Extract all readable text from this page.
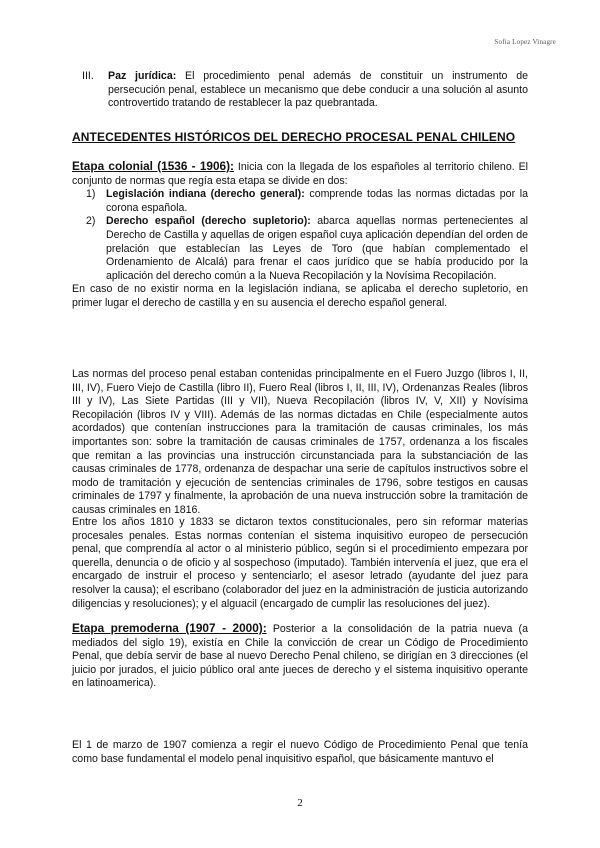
Sofia Lopez Vinagre
III. Paz jurídica: El procedimiento penal además de constituir un instrumento de persecución penal, establece un mecanismo que debe conducir a una solución al asunto controvertido tratando de restablecer la paz quebrantada.
ANTECEDENTES HISTÓRICOS DEL DERECHO PROCESAL PENAL CHILENO
Etapa colonial (1536 - 1906): Inicia con la llegada de los españoles al territorio chileno. El conjunto de normas que regía esta etapa se divide en dos:
1) Legislación indiana (derecho general): comprende todas las normas dictadas por la corona española.
2) Derecho español (derecho supletorio): abarca aquellas normas pertenecientes al Derecho de Castilla y aquellas de origen español cuya aplicación dependían del orden de prelación que establecían las Leyes de Toro (que habían complementado el Ordenamiento de Alcalá) para frenar el caos jurídico que se había producido por la aplicación del derecho común a la Nueva Recopilación y la Novísima Recopilación.
En caso de no existir norma en la legislación indiana, se aplicaba el derecho supletorio, en primer lugar el derecho de castilla y en su ausencia el derecho español general.
Las normas del proceso penal estaban contenidas principalmente en el Fuero Juzgo (libros I, II, III, IV), Fuero Viejo de Castilla (libro II), Fuero Real (libros I, II, III, IV), Ordenanzas Reales (libros III y IV), Las Siete Partidas (III y VII), Nueva Recopilación (libros IV, V, XII) y Novísima Recopilación (libros IV y VIII). Además de las normas dictadas en Chile (especialmente autos acordados) que contenían instrucciones para la tramitación de causas criminales, los más importantes son: sobre la tramitación de causas criminales de 1757, ordenanza a los fiscales que remitan a las provincias una instrucción circunstanciada para la substanciación de las causas criminales de 1778, ordenanza de despachar una serie de capítulos instructivos sobre el modo de tramitación y ejecución de sentencias criminales de 1796, sobre testigos en causas criminales de 1797 y finalmente, la aprobación de una nueva instrucción sobre la tramitación de causas criminales en 1816.
Entre los años 1810 y 1833 se dictaron textos constitucionales, pero sin reformar materias procesales penales. Estas normas contenían el sistema inquisitivo europeo de persecución penal, que comprendía al actor o al ministerio público, según si el procedimiento empezara por querella, denuncia o de oficio y al sospechoso (imputado). También intervenía el juez, que era el encargado de instruir el proceso y sentenciarlo; el asesor letrado (ayudante del juez para resolver la causa); el escribano (colaborador del juez en la administración de justicia autorizando diligencias y resoluciones); y el alguacil (encargado de cumplir las resoluciones del juez).
Etapa premoderna (1907 - 2000): Posterior a la consolidación de la patria nueva (a mediados del siglo 19), existía en Chile la convicción de crear un Código de Procedimiento Penal, que debía servir de base al nuevo Derecho Penal chileno, se dirigían en 3 direcciones (el juicio por jurados, el juicio público oral ante jueces de derecho y el sistema inquisitivo operante en latinoamerica).
El 1 de marzo de 1907 comienza a regir el nuevo Código de Procedimiento Penal que tenía como base fundamental el modelo penal inquisitivo español, que básicamente mantuvo el
2
